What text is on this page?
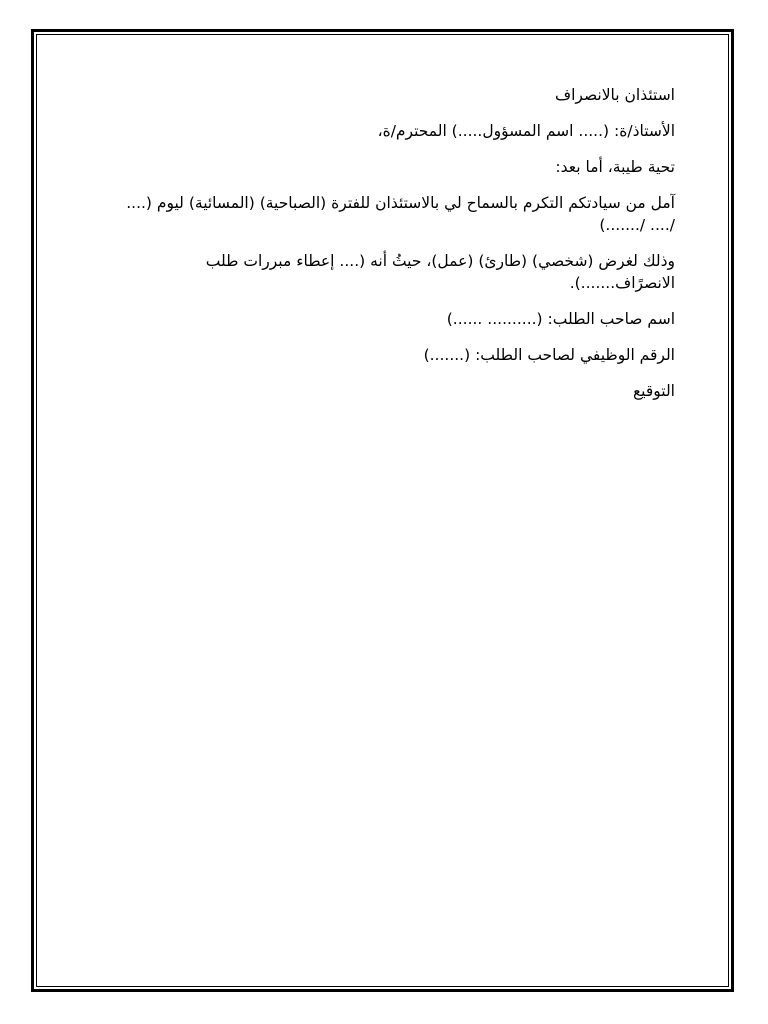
استئذان بالانصراف

الأستاذ/ة: (..... اسم المسؤول.....) المحترم/ة،

تحية طيبة، أما بعد:

آمل من سيادتكم التكرم بالسماح لي بالاستئذان للفترة (الصباحية) (المسائية) ليوم (.... /.... /.......)

وذلك لغرض (شخصي) (طارئ) (عمل)، حيثُ أنه (.... إعطاء مبررات طلب الانصرًاف.......).

اسم صاحب الطلب: (.......... ......)

الرقم الوظيفي لصاحب الطلب: (.......)

التوقيع
